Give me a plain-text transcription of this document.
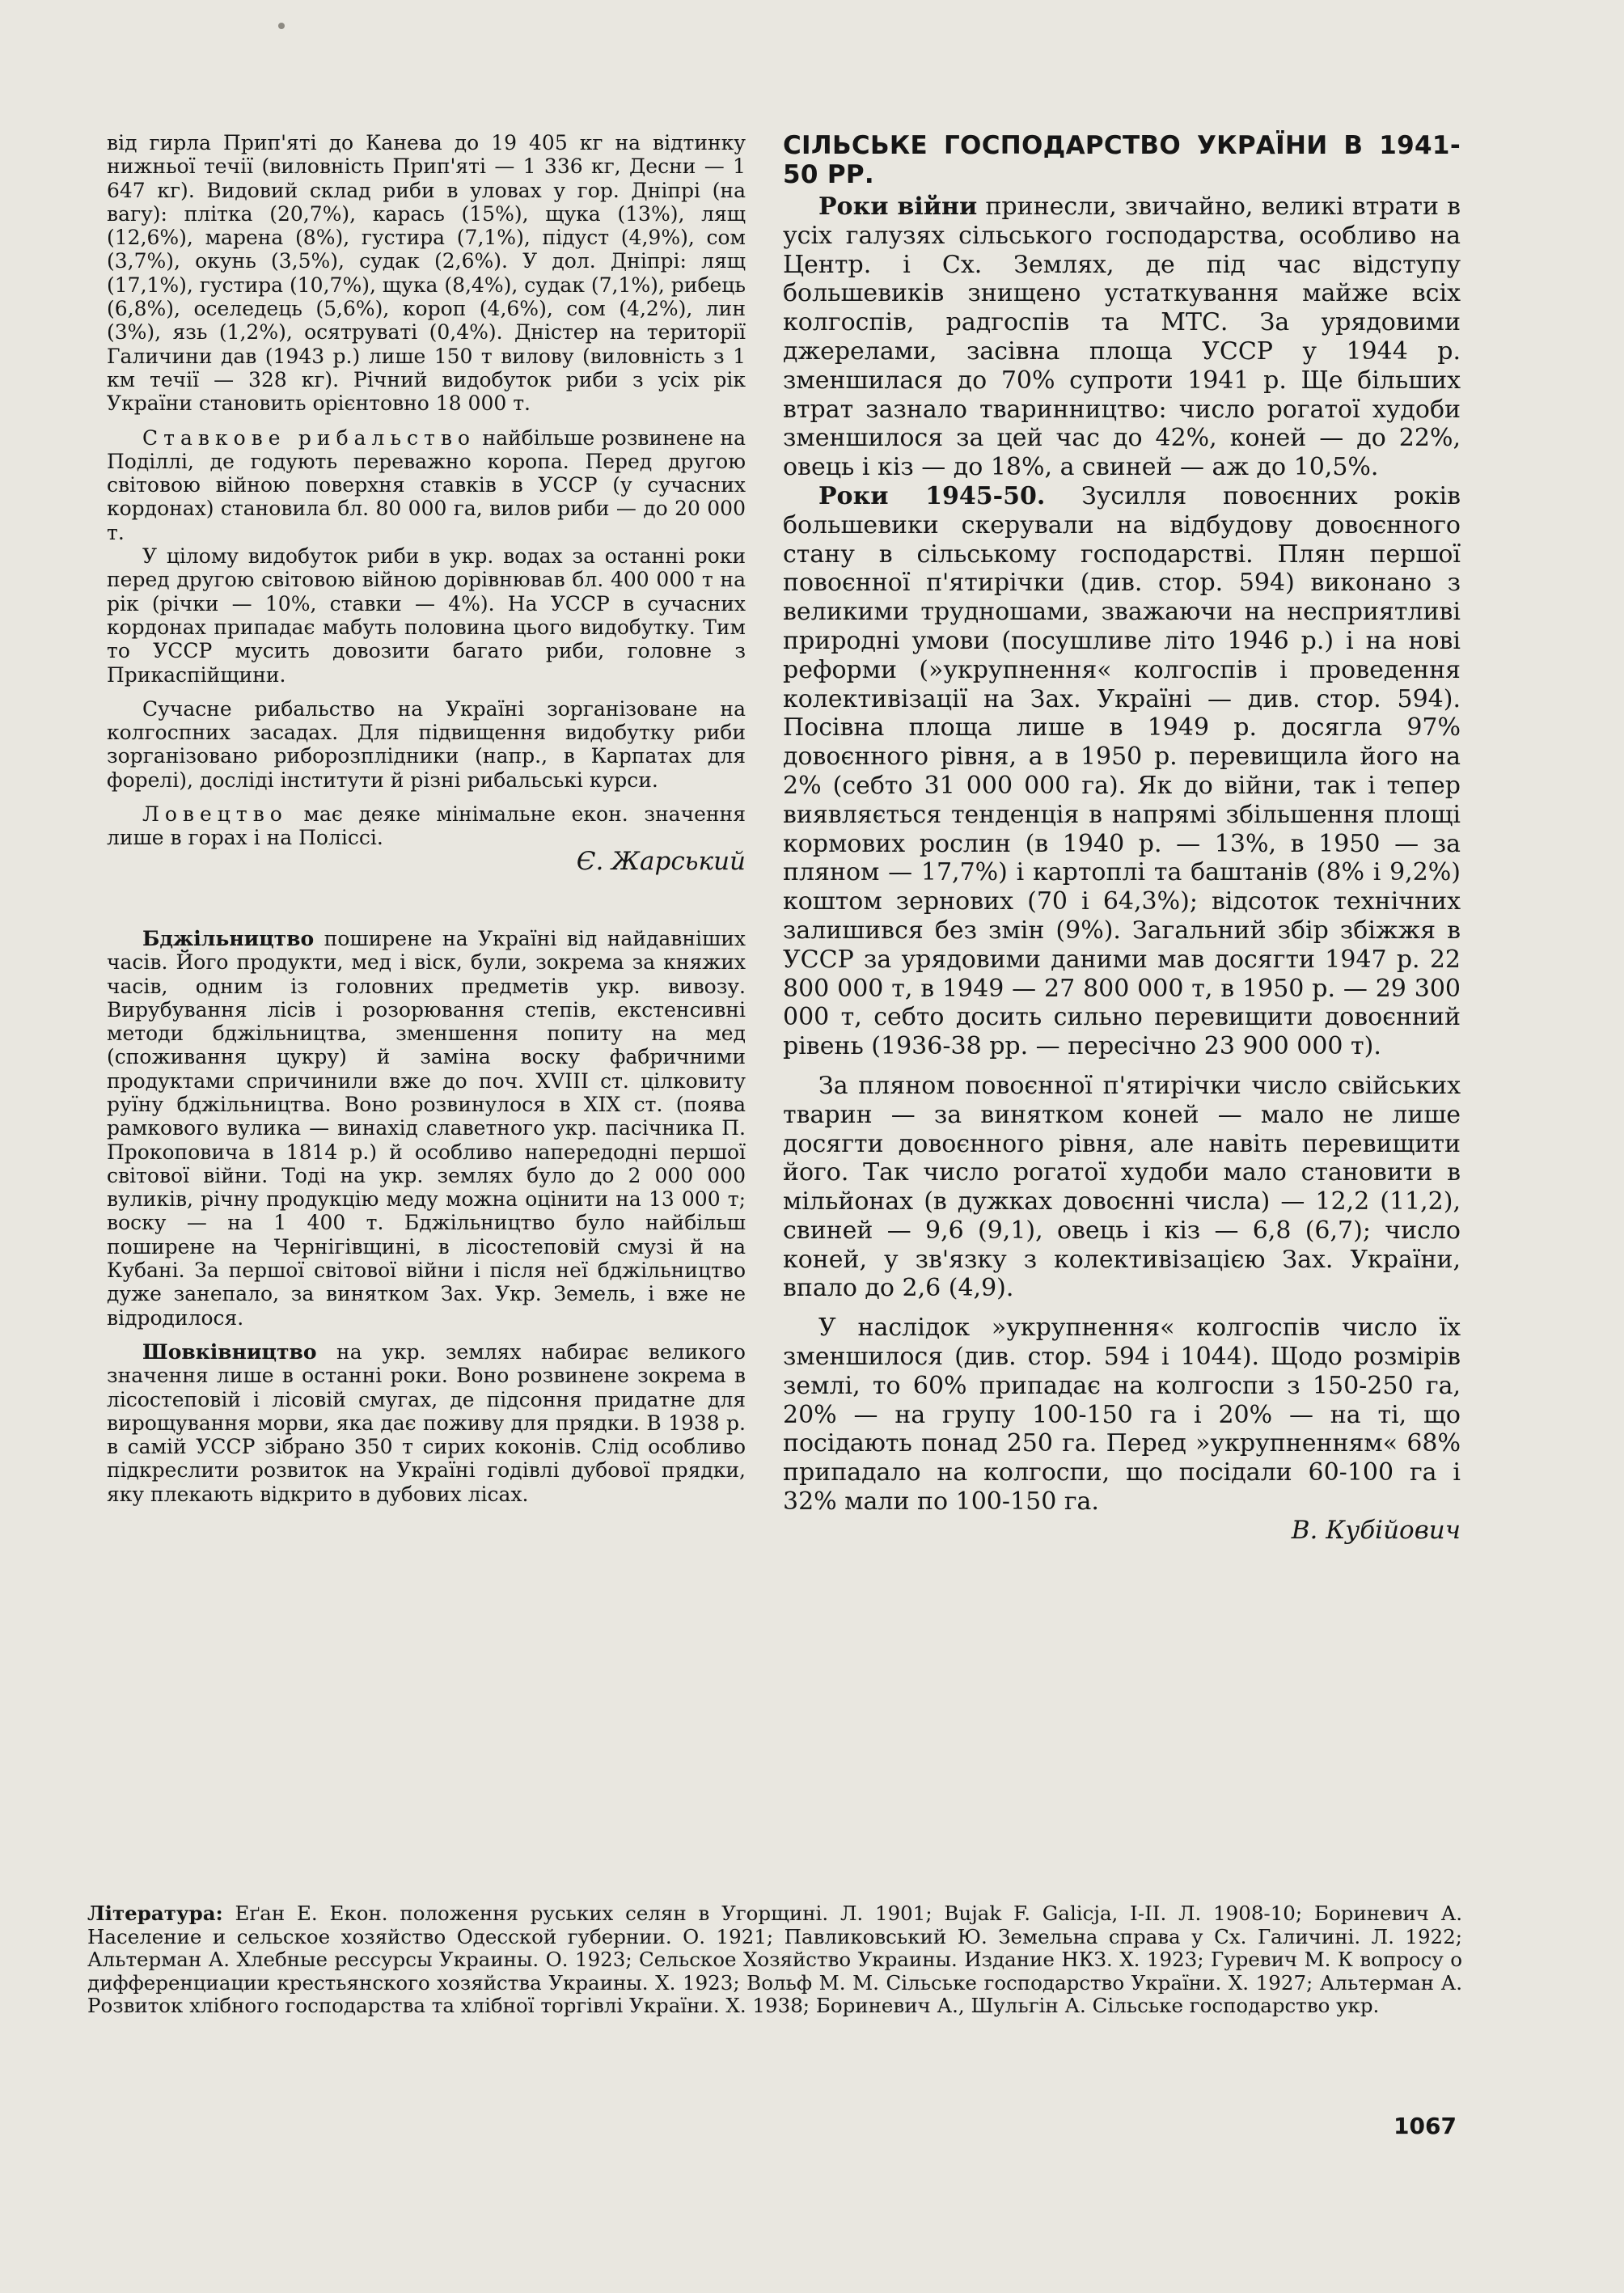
від гирла Прип'яті до Канева до 19 405 кг на відтинку нижньої течії (виловність Прип'яті — 1 336 кг, Десни — 1 647 кг). Видовий склад риби в уловах у гор. Дніпрі (на вагу): плітка (20,7%), карась (15%), щука (13%), лящ (12,6%), марена (8%), густира (7,1%), підуст (4,9%), сом (3,7%), окунь (3,5%), судак (2,6%). У дол. Дніпрі: лящ (17,1%), густира (10,7%), щука (8,4%), судак (7,1%), рибець (6,8%), оселедець (5,6%), короп (4,6%), сом (4,2%), лин (3%), язь (1,2%), осятруваті (0,4%). Дністер на території Галичини дав (1943 р.) лише 150 т вилову (виловність з 1 км течії — 328 кг). Річний видобуток риби з усіх рік України становить орієнтовно 18 000 т.

Ставкове рибальство найбільше розвинене на Поділлі, де годують переважно коропа. Перед другою світовою війною поверхня ставків в УССР (у сучасних кордонах) становила бл. 80 000 га, вилов риби — до 20 000 т.

У цілому видобуток риби в укр. водах за останні роки перед другою світовою війною дорівнював бл. 400 000 т на рік (річки — 10%, ставки — 4%). На УССР в сучасних кордонах припадає мабуть половина цього видобутку. Тим то УССР мусить довозити багато риби, головне з Прикаспійщини.

Сучасне рибальство на Україні зорганізоване на колгоспних засадах. Для підвищення видобутку риби зорганізовано риборозплідники (напр., в Карпатах для форелі), досліді інститути й різні рибальські курси.

Ловецтво має деяке мінімальне екон. значення лише в горах і на Поліссі.

Є. Жарський

Бджільництво поширене на Україні від найдавніших часів. Його продукти, мед і віск, були, зокрема за княжих часів, одним із головних предметів укр. вивозу. Вирубування лісів і розорювання степів, екстенсивні методи бджільництва, зменшення попиту на мед (споживання цукру) й заміна воску фабричними продуктами спричинили вже до поч. XVIII ст. цілковиту руїну бджільництва. Воно розвинулося в XIX ст. (поява рамкового вулика — винахід славетного укр. пасічника П. Прокоповича в 1814 р.) й особливо напередодні першої світової війни. Тоді на укр. землях було до 2 000 000 вуликів, річну продукцію меду можна оцінити на 13 000 т; воску — на 1 400 т. Бджільництво було найбільш поширене на Чернігівщині, в лісостеповій смузі й на Кубані. За першої світової війни і після неї бджільництво дуже занепало, за винятком Зах. Укр. Земель, і вже не відродилося.

Шовківництво на укр. землях набирає великого значення лише в останні роки. Воно розвинене зокрема в лісостеповій і лісовій смугах, де підсоння придатне для вирощування морви, яка дає поживу для прядки. В 1938 р. в самій УССР зібрано 350 т сирих коконів. Слід особливо підкреслити розвиток на Україні годівлі дубової прядки, яку плекають відкрито в дубових лісах.

СІЛЬСЬКЕ ГОСПОДАРСТВО УКРАЇНИ В 1941-50 РР.

Роки війни принесли, звичайно, великі втрати в усіх галузях сільського господарства, особливо на Центр. і Сх. Землях, де під час відступу большевиків знищено устаткування майже всіх колгоспів, радгоспів та МТС. За урядовими джерелами, засівна площа УССР у 1944 р. зменшилася до 70% супроти 1941 р. Ще більших втрат зазнало тваринництво: число рогатої худоби зменшилося за цей час до 42%, коней — до 22%, овець і кіз — до 18%, а свиней — аж до 10,5%.

Роки 1945-50. Зусилля повоєнних років большевики скерували на відбудову довоєнного стану в сільському господарстві. Плян першої повоєнної п'ятирічки (див. стор. 594) виконано з великими трудношами, зважаючи на несприятливі природні умови (посушливе літо 1946 р.) і на нові реформи (»укрупнення« колгоспів і проведення колективізації на Зах. Україні — див. стор. 594). Посівна площа лише в 1949 р. досягла 97% довоєнного рівня, а в 1950 р. перевищила його на 2% (себто 31 000 000 га). Як до війни, так і тепер виявляється тенденція в напрямі збільшення площі кормових рослин (в 1940 р. — 13%, в 1950 — за пляном — 17,7%) і картоплі та баштанів (8% і 9,2%) коштом зернових (70 і 64,3%); відсоток технічних залишився без змін (9%). Загальний збір збіжжя в УССР за урядовими даними мав досягти 1947 р. 22 800 000 т, в 1949 — 27 800 000 т, в 1950 р. — 29 300 000 т, себто досить сильно перевищити довоєнний рівень (1936-38 рр. — пересічно 23 900 000 т).

За пляном повоєнної п'ятирічки число свійських тварин — за винятком коней — мало не лише досягти довоєнного рівня, але навіть перевищити його. Так число рогатої худоби мало становити в мільйонах (в дужках довоєнні числа) — 12,2 (11,2), свиней — 9,6 (9,1), овець і кіз — 6,8 (6,7); число коней, у зв'язку з колективізацією Зах. України, впало до 2,6 (4,9).

У наслідок »укрупнення« колгоспів число їх зменшилося (див. стор. 594 і 1044). Щодо розмірів землі, то 60% припадає на колгоспи з 150-250 га, 20% — на групу 100-150 га і 20% — на ті, що посідають понад 250 га. Перед »укрупненням« 68% припадало на колгоспи, що посідали 60-100 га і 32% мали по 100-150 га.

В. Кубійович

Література: Еґан Е. Екон. положення руських селян в Угорщині. Л. 1901; Bujak F. Galicja, I-II. Л. 1908-10; Бориневич А. Население и сельское хозяйство Одесской губернии. О. 1921; Павликовський Ю. Земельна справа у Сх. Галичині. Л. 1922; Альтерман А. Хлебные рессурсы Украины. О. 1923; Сельское Хозяйство Украины. Издание НКЗ. Х. 1923; Гуревич М. К вопросу о дифференциации крестьянского хозяйства Украины. Х. 1923; Вольф М. М. Сільське господарство України. Х. 1927; Альтерман А. Розвиток хлібного господарства та хлібної торгівлі України. Х. 1938; Бориневич А., Шульгін А. Сільське господарство укр.
1067
